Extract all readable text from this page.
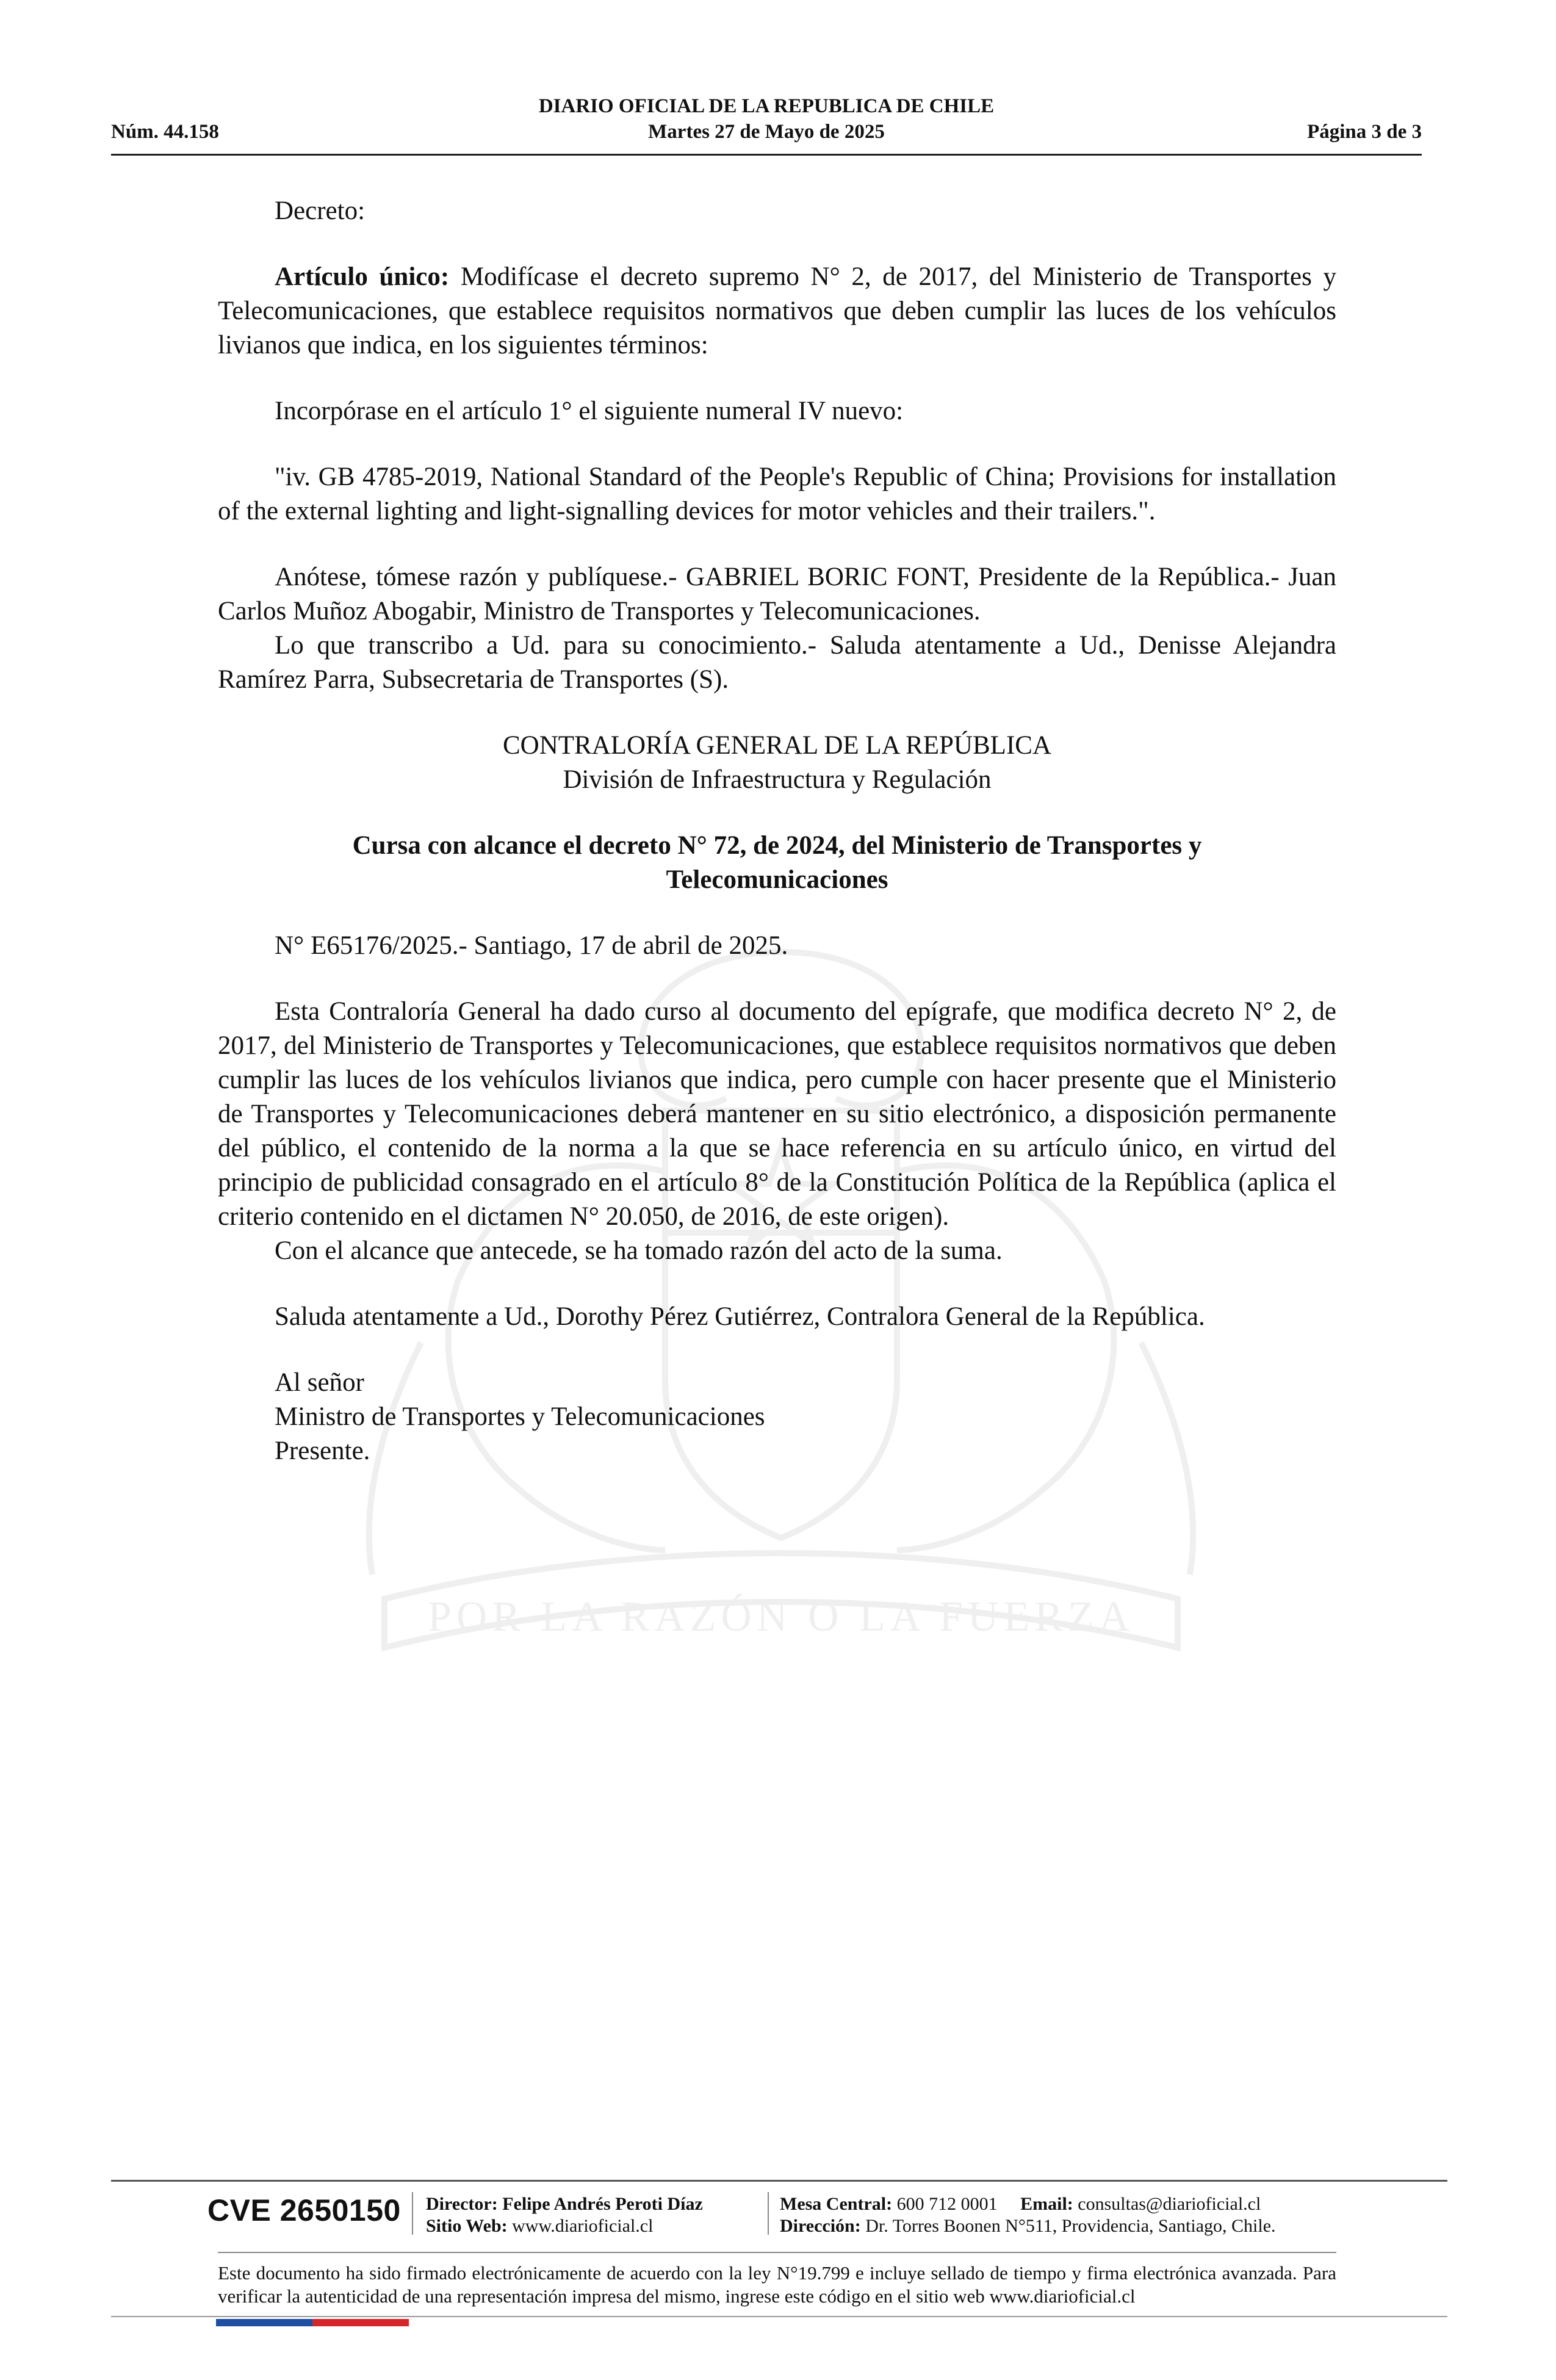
DIARIO OFICIAL DE LA REPUBLICA DE CHILE
Núm. 44.158	Martes 27 de Mayo de 2025	Página 3 de 3
POR LA RAZÓN O LA FUERZA

Decreto:

Artículo único: Modifícase el decreto supremo N° 2, de 2017, del Ministerio de Transportes y Telecomunicaciones, que establece requisitos normativos que deben cumplir las luces de los vehículos livianos que indica, en los siguientes términos:

Incorpórase en el artículo 1° el siguiente numeral IV nuevo:

"iv. GB 4785-2019, National Standard of the People's Republic of China; Provisions for installation of the external lighting and light-signalling devices for motor vehicles and their trailers.".

Anótese, tómese razón y publíquese.- GABRIEL BORIC FONT, Presidente de la República.- Juan Carlos Muñoz Abogabir, Ministro de Transportes y Telecomunicaciones.

Lo que transcribo a Ud. para su conocimiento.- Saluda atentamente a Ud., Denisse Alejandra Ramírez Parra, Subsecretaria de Transportes (S).

CONTRALORÍA GENERAL DE LA REPÚBLICA

División de Infraestructura y Regulación

Cursa con alcance el decreto N° 72, de 2024, del Ministerio de Transportes y Telecomunicaciones

N° E65176/2025.- Santiago, 17 de abril de 2025.

Esta Contraloría General ha dado curso al documento del epígrafe, que modifica decreto N° 2, de 2017, del Ministerio de Transportes y Telecomunicaciones, que establece requisitos normativos que deben cumplir las luces de los vehículos livianos que indica, pero cumple con hacer presente que el Ministerio de Transportes y Telecomunicaciones deberá mantener en su sitio electrónico, a disposición permanente del público, el contenido de la norma a la que se hace referencia en su artículo único, en virtud del principio de publicidad consagrado en el artículo 8° de la Constitución Política de la República (aplica el criterio contenido en el dictamen N° 20.050, de 2016, de este origen).

Con el alcance que antecede, se ha tomado razón del acto de la suma.

Saluda atentamente a Ud., Dorothy Pérez Gutiérrez, Contralora General de la República.

Al señor

Ministro de Transportes y Telecomunicaciones

Presente.

CVE 2650150 Director: Felipe Andrés Peroti Díaz
Sitio Web: www.diarioficial.cl
Mesa Central: 600 712 0001 Email: consultas@diarioficial.cl
Dirección: Dr. Torres Boonen N°511, Providencia, Santiago, Chile.
Este documento ha sido firmado electrónicamente de acuerdo con la ley N°19.799 e incluye sellado de tiempo y firma electrónica avanzada. Para verificar la autenticidad de una representación impresa del mismo, ingrese este código en el sitio web www.diarioficial.cl
